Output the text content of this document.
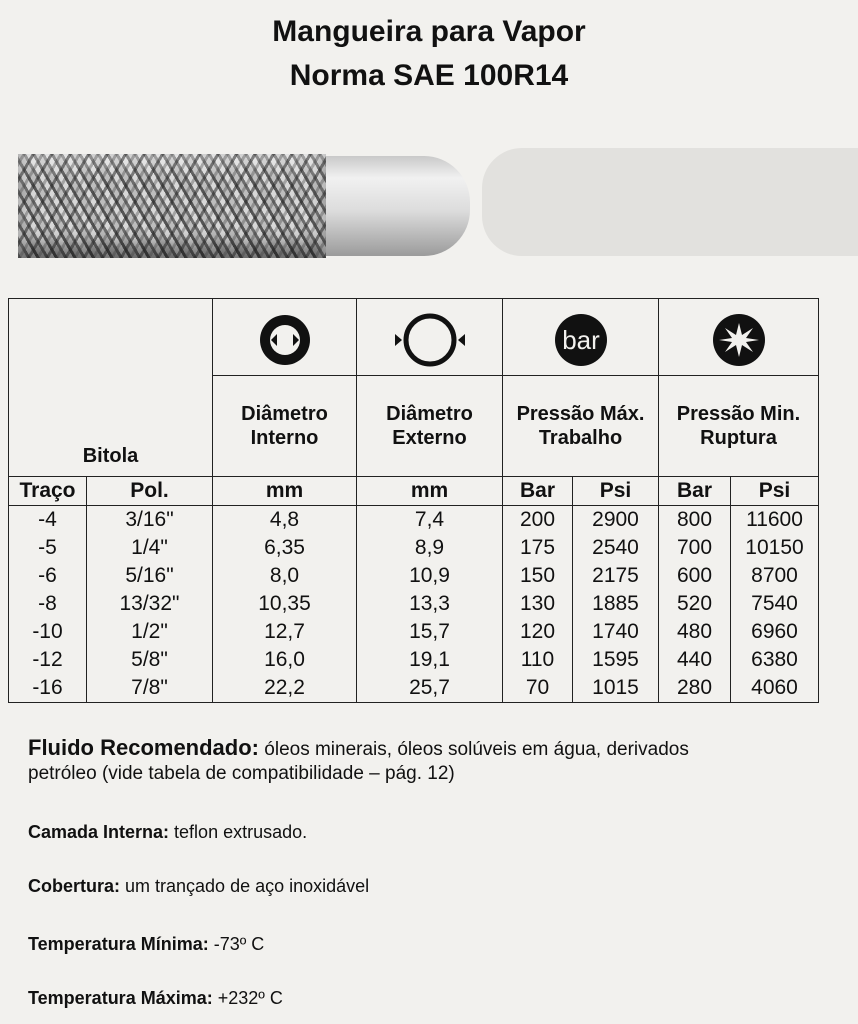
Mangueira para Vapor
Norma SAE 100R14

bar

Bitola		Diâmetro Interno	Diâmetro Externo	Pressão Máx. Trabalho		Pressão Min. Ruptura	
Traço	Pol.	mm	mm	Bar	Psi	Bar	Psi
-4	3/16"	4,8	7,4	200	2900	800	11600
-5	1/4"	6,35	8,9	175	2540	700	10150
-6	5/16"	8,0	10,9	150	2175	600	8700
-8	13/32"	10,35	13,3	130	1885	520	7540
-10	1/2"	12,7	15,7	120	1740	480	6960
-12	5/8"	16,0	19,1	110	1595	440	6380
-16	7/8"	22,2	25,7	70	1015	280	4060
Fluido Recomendado: óleos minerais, óleos solúveis em água, derivados
petróleo (vide tabela de compatibilidade – pág. 12)
Camada Interna: teflon extrusado.
Cobertura: um trançado de aço inoxidável
Temperatura Mínima: -73º C
Temperatura Máxima: +232º C
